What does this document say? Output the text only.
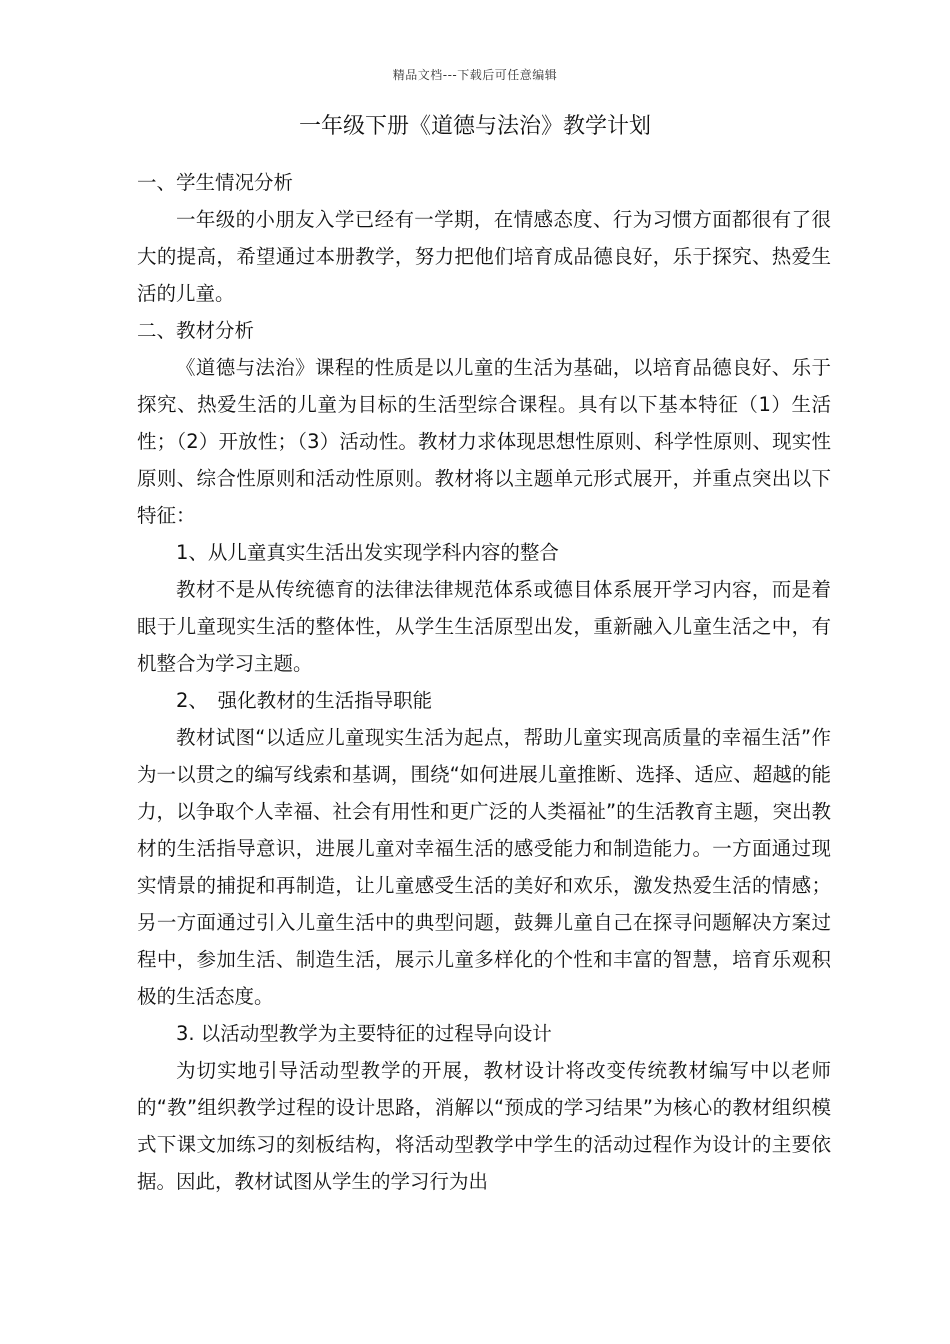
精品文档---下载后可任意编辑
一年级下册《道德与法治》教学计划

一、学生情况分析

一年级的小朋友入学已经有一学期，在情感态度、行为习惯方面都很有了很大的提高，希望通过本册教学，努力把他们培育成品德良好，乐于探究、热爱生活的儿童。

二、教材分析

《道德与法治》课程的性质是以儿童的生活为基础，以培育品德良好、乐于探究、热爱生活的儿童为目标的生活型综合课程。具有以下基本特征（1）生活性；（2）开放性；（3）活动性。教材力求体现思想性原则、科学性原则、现实性原则、综合性原则和活动性原则。教材将以主题单元形式展开，并重点突出以下特征：

1、从儿童真实生活出发实现学科内容的整合

教材不是从传统德育的法律法律规范体系或德目体系展开学习内容，而是着眼于儿童现实生活的整体性，从学生生活原型出发，重新融入儿童生活之中，有机整合为学习主题。

2、　强化教材的生活指导职能

教材试图“以适应儿童现实生活为起点，帮助儿童实现高质量的幸福生活”作为一以贯之的编写线索和基调，围绕“如何进展儿童推断、选择、适应、超越的能力，以争取个人幸福、社会有用性和更广泛的人类福祉”的生活教育主题，突出教材的生活指导意识，进展儿童对幸福生活的感受能力和制造能力。一方面通过现实情景的捕捉和再制造，让儿童感受生活的美好和欢乐，激发热爱生活的情感；另一方面通过引入儿童生活中的典型问题，鼓舞儿童自己在探寻问题解决方案过程中，参加生活、制造生活，展示儿童多样化的个性和丰富的智慧，培育乐观积极的生活态度。

3. 以活动型教学为主要特征的过程导向设计

为切实地引导活动型教学的开展，教材设计将改变传统教材编写中以老师的“教”组织教学过程的设计思路，消解以“预成的学习结果”为核心的教材组织模式下课文加练习的刻板结构，将活动型教学中学生的活动过程作为设计的主要依据。因此，教材试图从学生的学习行为出
